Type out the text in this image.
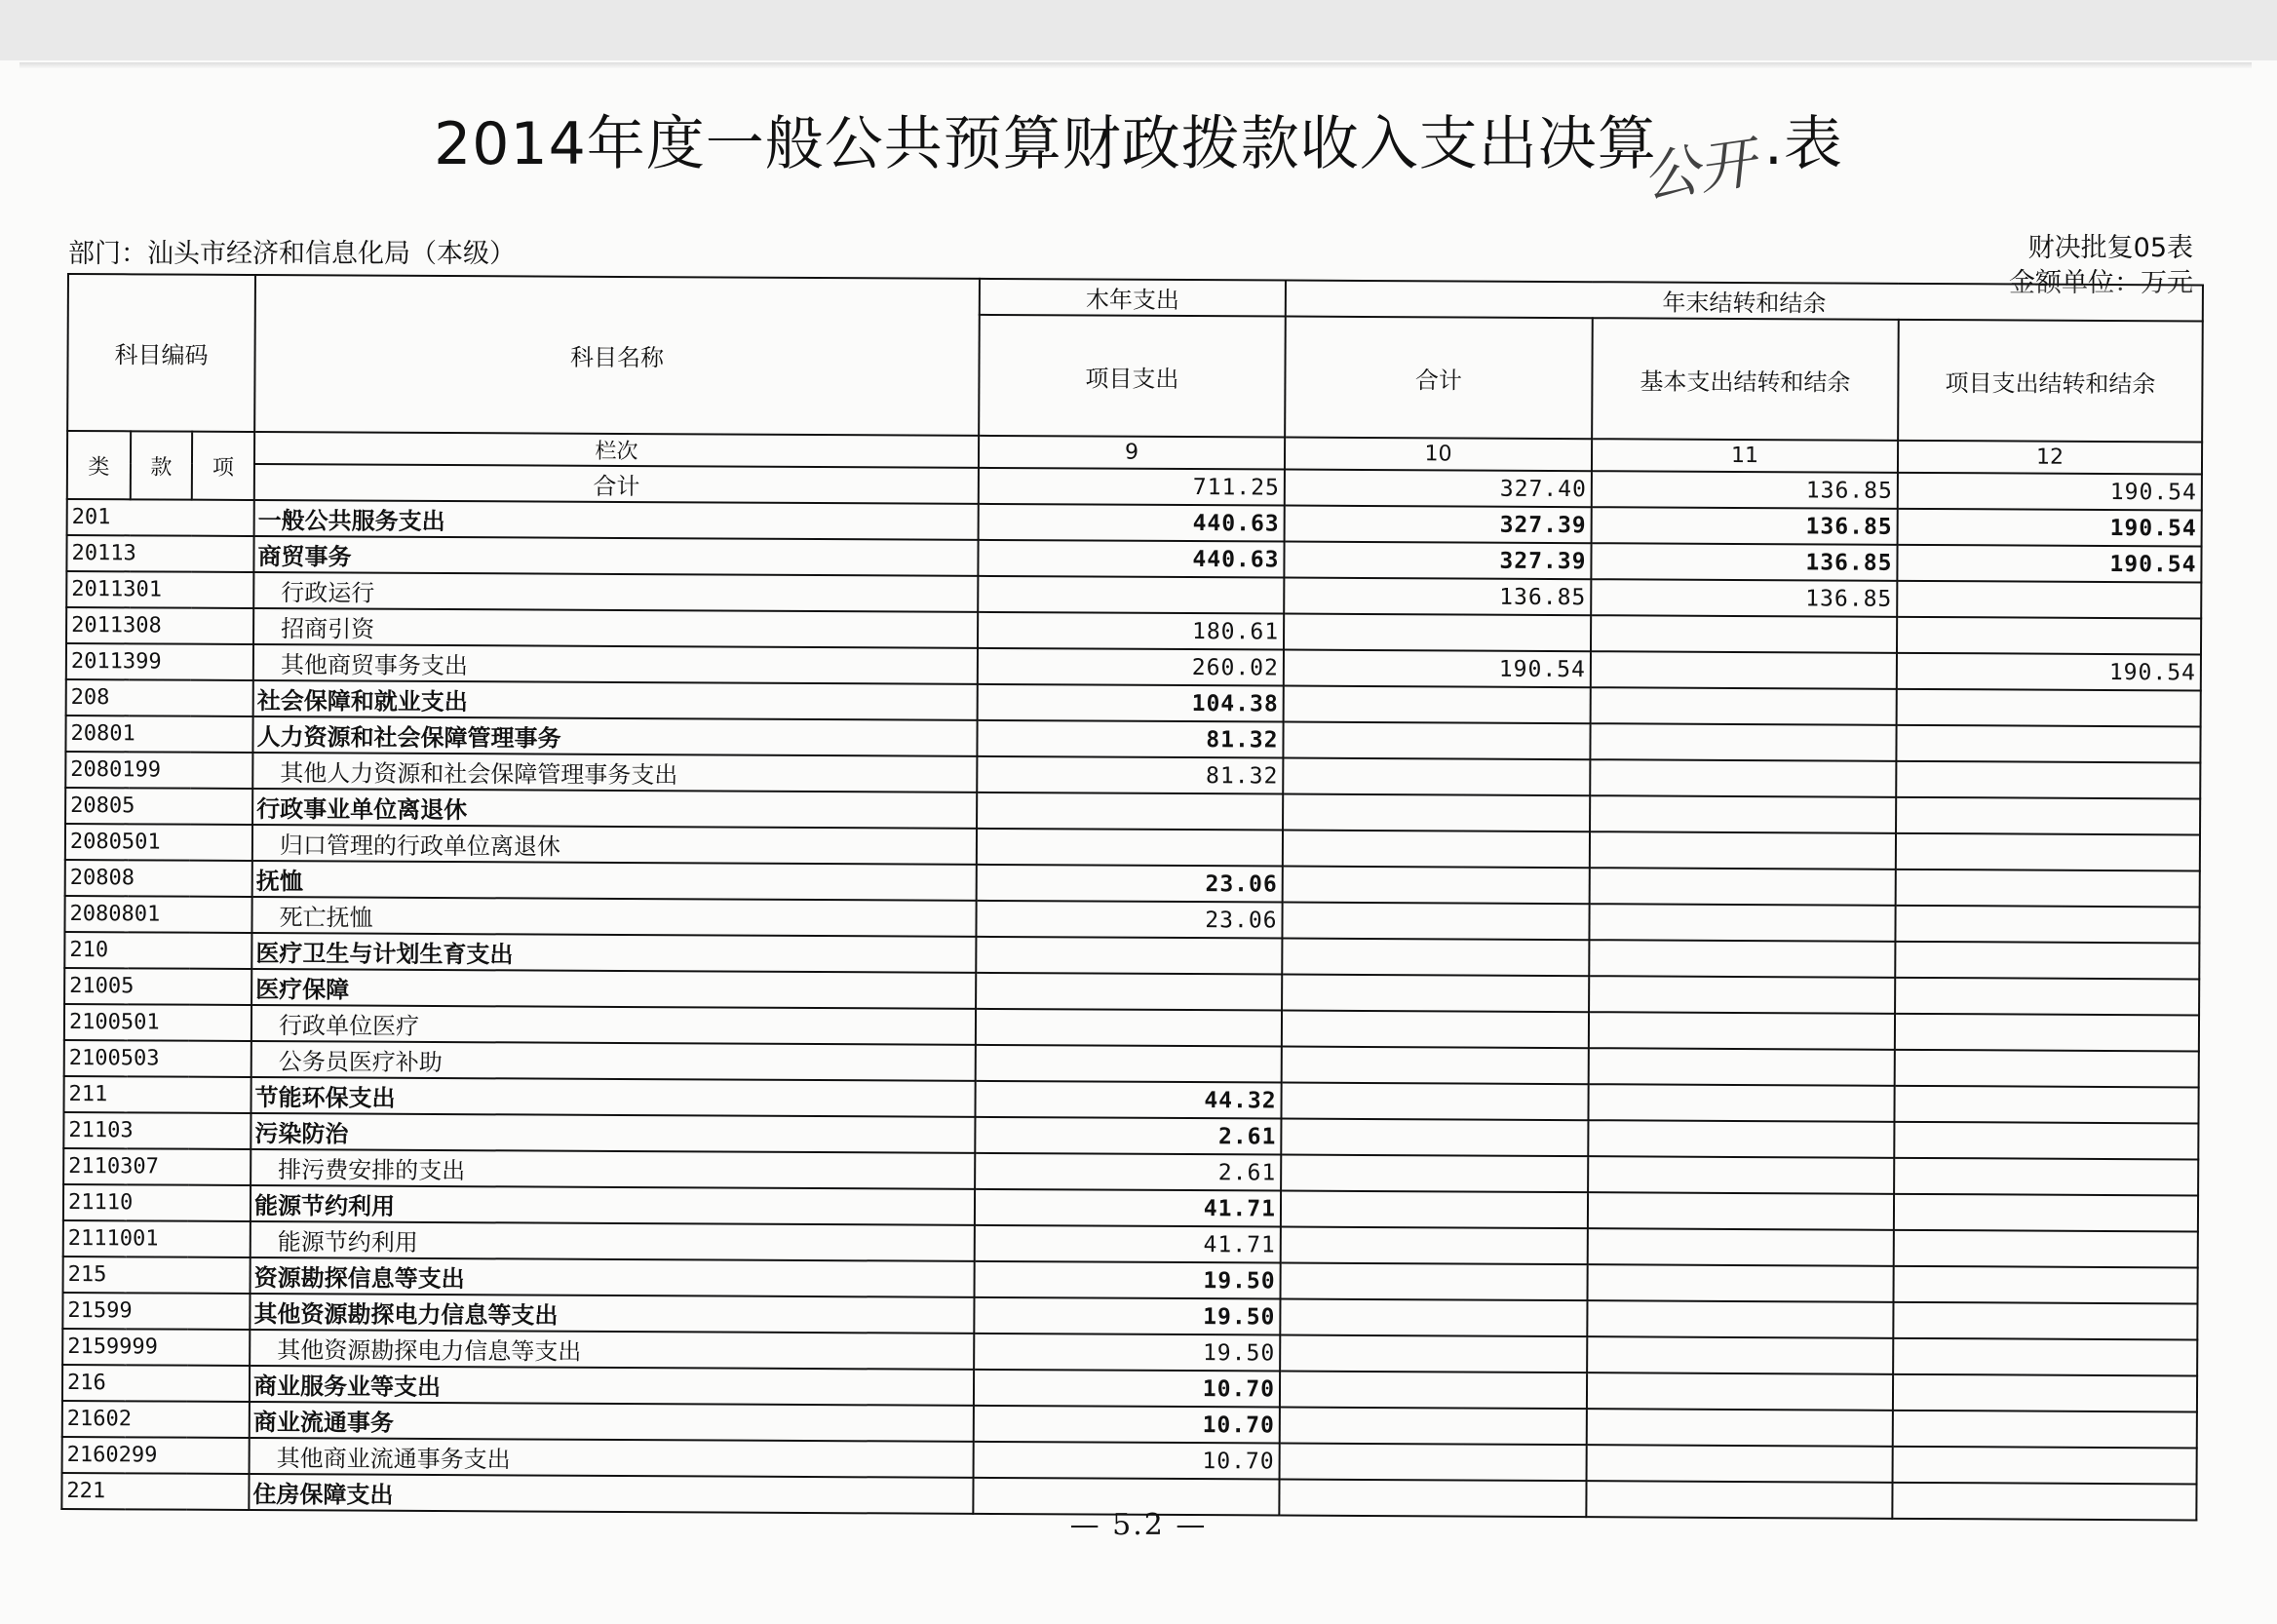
2014年度一般公共预算财政拨款收入支出决算 .表
公开
部门：汕头市经济和信息化局（本级）	财决批复05表
金额单位：万元
科目编码			科目名称	木年支出	年末结转和结余		
				项目支出	合计	基本支出结转和结余	项目支出结转和结余
类	款	项	栏次	9	10	11	12
			合计	711.25	327.40	136.85	190.54
201			一般公共服务支出	440.63	327.39	136.85	190.54
20113			商贸事务	440.63	327.39	136.85	190.54
2011301			行政运行		136.85	136.85	
2011308			招商引资	180.61			
2011399			其他商贸事务支出	260.02	190.54		190.54
208			社会保障和就业支出	104.38			
20801			人力资源和社会保障管理事务	81.32			
2080199			其他人力资源和社会保障管理事务支出	81.32			
20805			行政事业单位离退休				
2080501			归口管理的行政单位离退休				
20808			抚恤	23.06			
2080801			死亡抚恤	23.06			
210			医疗卫生与计划生育支出				
21005			医疗保障				
2100501			行政单位医疗				
2100503			公务员医疗补助				
211			节能环保支出	44.32			
21103			污染防治	2.61			
2110307			排污费安排的支出	2.61			
21110			能源节约利用	41.71			
2111001			能源节约利用	41.71			
215			资源勘探信息等支出	19.50			
21599			其他资源勘探电力信息等支出	19.50			
2159999			其他资源勘探电力信息等支出	19.50			
216			商业服务业等支出	10.70			
21602			商业流通事务	10.70			
2160299			其他商业流通事务支出	10.70			
221			住房保障支出				
— 5.2 —
